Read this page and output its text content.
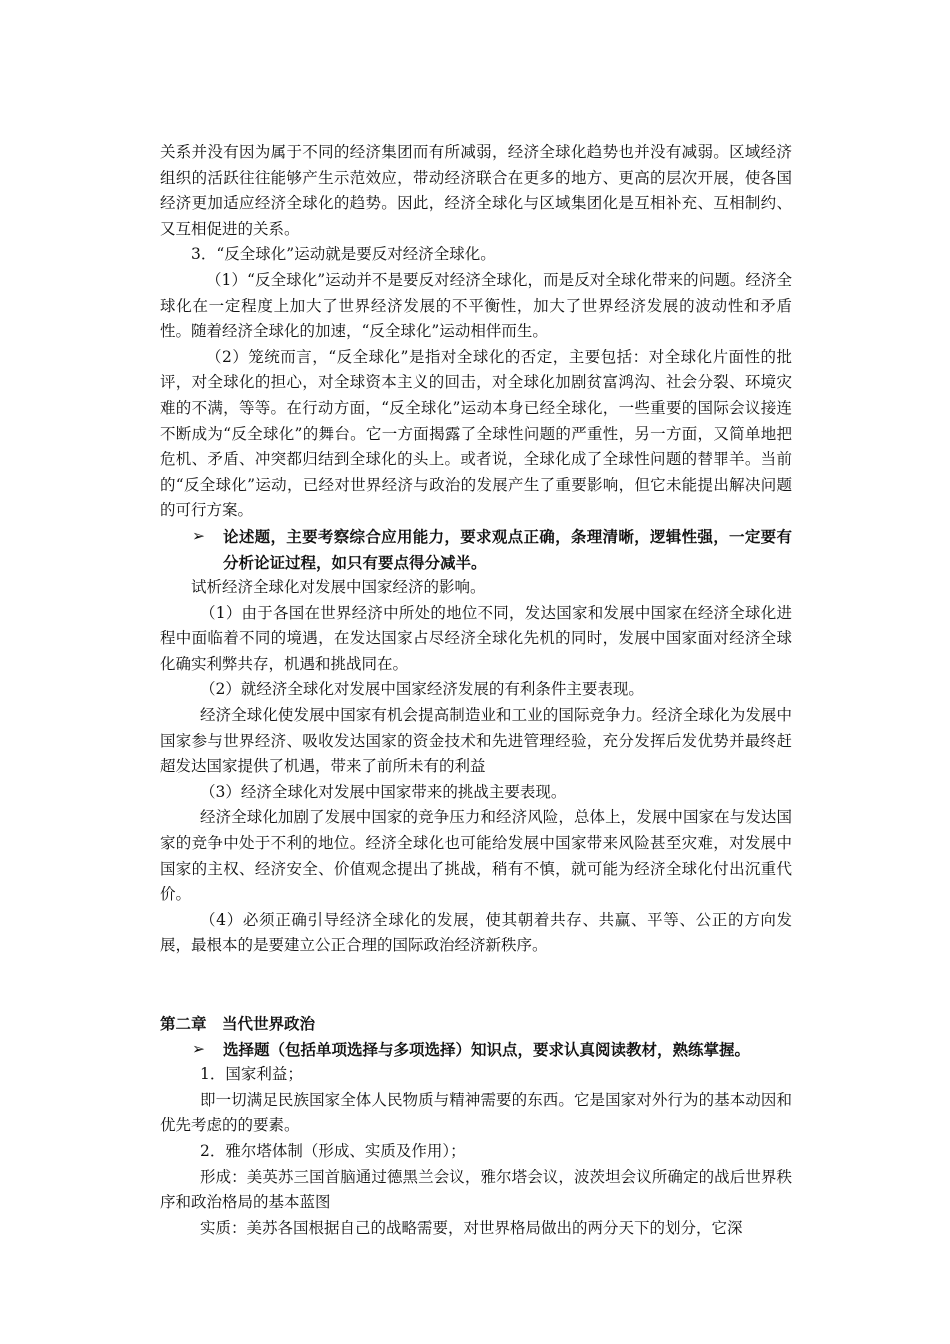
关系并没有因为属于不同的经济集团而有所减弱，经济全球化趋势也并没有减弱。区域经济组织的活跃往往能够产生示范效应，带动经济联合在更多的地方、更高的层次开展，使各国经济更加适应经济全球化的趋势。因此，经济全球化与区域集团化是互相补充、互相制约、又互相促进的关系。

3．“反全球化”运动就是要反对经济全球化。

（1）“反全球化”运动并不是要反对经济全球化，而是反对全球化带来的问题。经济全球化在一定程度上加大了世界经济发展的不平衡性，加大了世界经济发展的波动性和矛盾性。随着经济全球化的加速，“反全球化”运动相伴而生。

（2）笼统而言，“反全球化”是指对全球化的否定，主要包括：对全球化片面性的批评，对全球化的担心，对全球资本主义的回击，对全球化加剧贫富鸿沟、社会分裂、环境灾难的不满，等等。在行动方面，“反全球化”运动本身已经全球化，一些重要的国际会议接连不断成为“反全球化”的舞台。它一方面揭露了全球性问题的严重性，另一方面，又简单地把危机、矛盾、冲突都归结到全球化的头上。或者说，全球化成了全球性问题的替罪羊。当前的“反全球化”运动，已经对世界经济与政治的发展产生了重要影响，但它未能提出解决问题的可行方案。

➢	论述题，主要考察综合应用能力，要求观点正确，条理清晰，逻辑性强，一定要有分析论证过程，如只有要点得分减半。

试析经济全球化对发展中国家经济的影响。

（1）由于各国在世界经济中所处的地位不同，发达国家和发展中国家在经济全球化进程中面临着不同的境遇，在发达国家占尽经济全球化先机的同时，发展中国家面对经济全球化确实利弊共存，机遇和挑战同在。

（2）就经济全球化对发展中国家经济发展的有利条件主要表现。

经济全球化使发展中国家有机会提高制造业和工业的国际竞争力。经济全球化为发展中国家参与世界经济、吸收发达国家的资金技术和先进管理经验，充分发挥后发优势并最终赶超发达国家提供了机遇，带来了前所未有的利益

（3）经济全球化对发展中国家带来的挑战主要表现。

经济全球化加剧了发展中国家的竞争压力和经济风险，总体上，发展中国家在与发达国家的竞争中处于不利的地位。经济全球化也可能给发展中国家带来风险甚至灾难，对发展中国家的主权、经济安全、价值观念提出了挑战，稍有不慎，就可能为经济全球化付出沉重代价。

（4）必须正确引导经济全球化的发展，使其朝着共存、共赢、平等、公正的方向发展，最根本的是要建立公正合理的国际政治经济新秩序。

第二章　当代世界政治

➢	选择题（包括单项选择与多项选择）知识点，要求认真阅读教材，熟练掌握。

1．国家利益；

即一切满足民族国家全体人民物质与精神需要的东西。它是国家对外行为的基本动因和优先考虑的的要素。

2．雅尔塔体制（形成、实质及作用）；

形成：美英苏三国首脑通过德黑兰会议，雅尔塔会议，波茨坦会议所确定的战后世界秩序和政治格局的基本蓝图

实质：美苏各国根据自己的战略需要，对世界格局做出的两分天下的划分，它深
